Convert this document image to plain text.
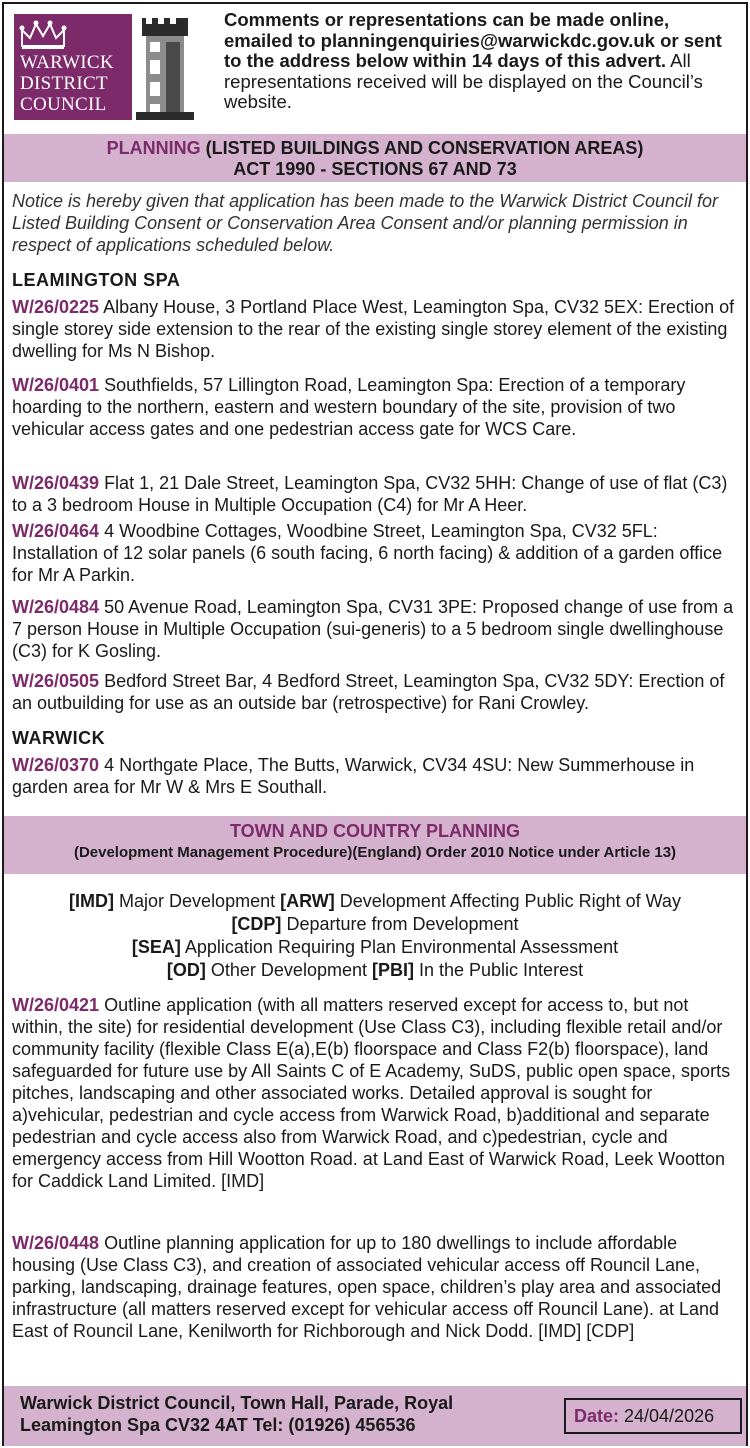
WARWICK
DISTRICT
COUNCIL
Comments or representations can be made online, emailed to planningenquiries@warwickdc.gov.uk or sent to the address below within 14 days of this advert. All representations received will be displayed on the Council’s website.
PLANNING (LISTED BUILDINGS AND CONSERVATION AREAS)
ACT 1990 - SECTIONS 67 AND 73
Notice is hereby given that application has been made to the Warwick District Council for Listed Building Consent or Conservation Area Consent and/or planning permission in respect of applications scheduled below.
LEAMINGTON SPA
W/26/0225 Albany House, 3 Portland Place West, Leamington Spa, CV32 5EX: Erection of single storey side extension to the rear of the existing single storey element of the existing dwelling for Ms N Bishop.
W/26/0401 Southfields, 57 Lillington Road, Leamington Spa: Erection of a temporary hoarding to the northern, eastern and western boundary of the site, provision of two vehicular access gates and one pedestrian access gate for WCS Care.
W/26/0439 Flat 1, 21 Dale Street, Leamington Spa, CV32 5HH: Change of use of flat (C3) to a 3 bedroom House in Multiple Occupation (C4) for Mr A Heer.
W/26/0464 4 Woodbine Cottages, Woodbine Street, Leamington Spa, CV32 5FL: Installation of 12 solar panels (6 south facing, 6 north facing) & addition of a garden office for Mr A Parkin.
W/26/0484 50 Avenue Road, Leamington Spa, CV31 3PE: Proposed change of use from a 7 person House in Multiple Occupation (sui-generis) to a 5 bedroom single dwellinghouse (C3) for K Gosling.
W/26/0505 Bedford Street Bar, 4 Bedford Street, Leamington Spa, CV32 5DY: Erection of an outbuilding for use as an outside bar (retrospective) for Rani Crowley.
WARWICK
W/26/0370 4 Northgate Place, The Butts, Warwick, CV34 4SU: New Summerhouse in garden area for Mr W & Mrs E Southall.
TOWN AND COUNTRY PLANNING
(Development Management Procedure)(England) Order 2010 Notice under Article 13)
[IMD] Major Development [ARW] Development Affecting Public Right of Way
[CDP] Departure from Development
[SEA] Application Requiring Plan Environmental Assessment
[OD] Other Development [PBI] In the Public Interest
W/26/0421 Outline application (with all matters reserved except for access to, but not within, the site) for residential development (Use Class C3), including flexible retail and/or community facility (flexible Class E(a),E(b) floorspace and Class F2(b) floorspace), land safeguarded for future use by All Saints C of E Academy, SuDS, public open space, sports pitches, landscaping and other associated works. Detailed approval is sought for a)vehicular, pedestrian and cycle access from Warwick Road, b)additional and separate pedestrian and cycle access also from Warwick Road, and c)pedestrian, cycle and emergency access from Hill Wootton Road. at Land East of Warwick Road, Leek Wootton for Caddick Land Limited. [IMD]
W/26/0448 Outline planning application for up to 180 dwellings to include affordable housing (Use Class C3), and creation of associated vehicular access off Rouncil Lane, parking, landscaping, drainage features, open space, children’s play area and associated infrastructure (all matters reserved except for vehicular access off Rouncil Lane). at Land East of Rouncil Lane, Kenilworth for Richborough and Nick Dodd. [IMD] [CDP]
Warwick District Council, Town Hall, Parade, Royal
Leamington Spa CV32 4AT Tel: (01926) 456536	Date: 24/04/2026
